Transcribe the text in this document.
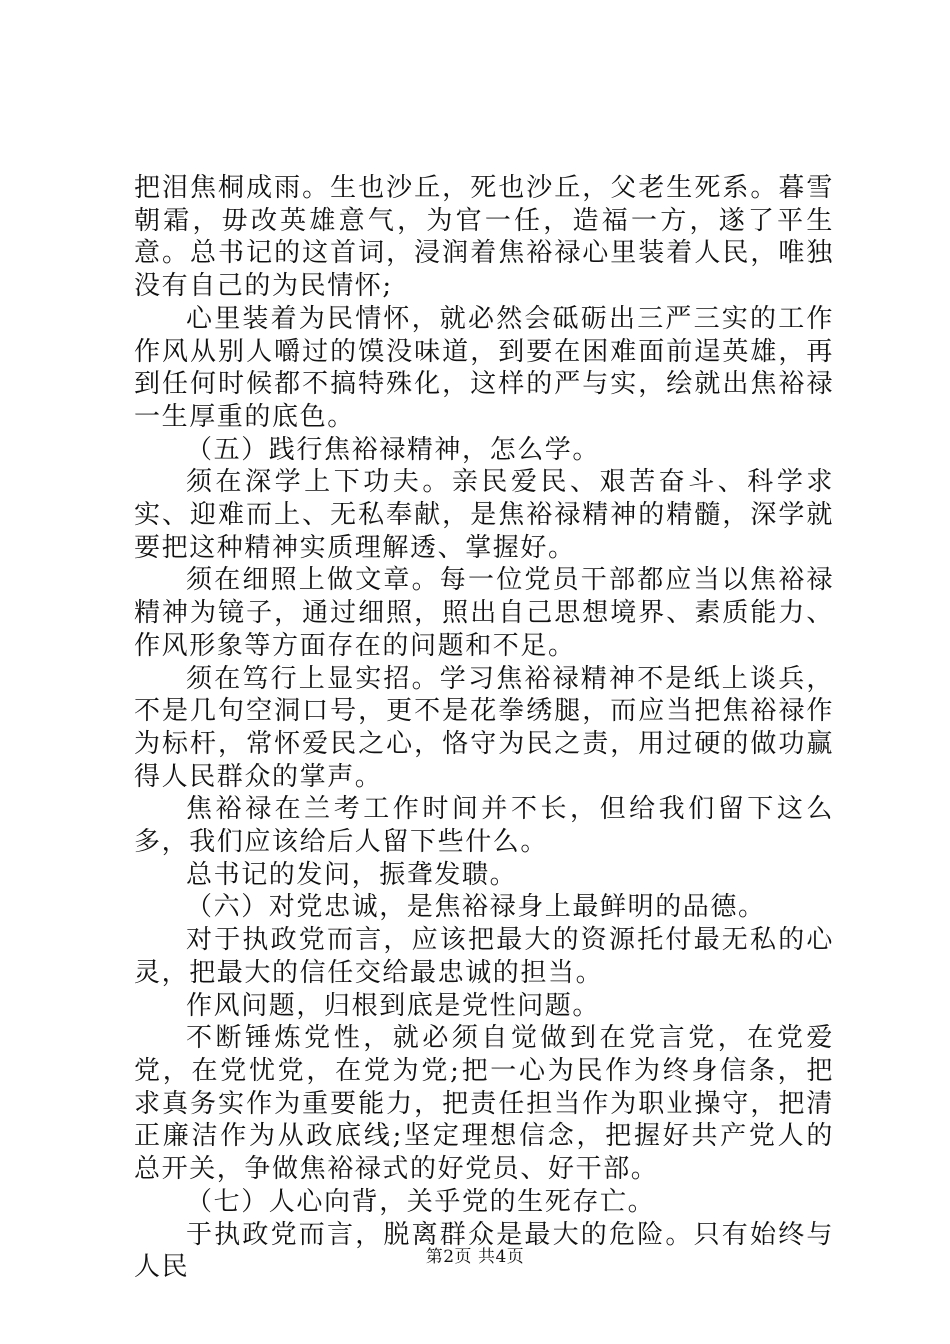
把泪焦桐成雨。生也沙丘，死也沙丘，父老生死系。暮雪朝霜，毋改英雄意气，为官一任，造福一方，遂了平生意。总书记的这首词，浸润着焦裕禄心里装着人民，唯独没有自己的为民情怀;

心里装着为民情怀，就必然会砥砺出三严三实的工作作风从别人嚼过的馍没味道，到要在困难面前逞英雄，再到任何时候都不搞特殊化，这样的严与实，绘就出焦裕禄一生厚重的底色。

（五）践行焦裕禄精神，怎么学。

须在深学上下功夫。亲民爱民、艰苦奋斗、科学求实、迎难而上、无私奉献，是焦裕禄精神的精髓，深学就要把这种精神实质理解透、掌握好。

须在细照上做文章。每一位党员干部都应当以焦裕禄精神为镜子，通过细照，照出自己思想境界、素质能力、作风形象等方面存在的问题和不足。

须在笃行上显实招。学习焦裕禄精神不是纸上谈兵，不是几句空洞口号，更不是花拳绣腿，而应当把焦裕禄作为标杆，常怀爱民之心，恪守为民之责，用过硬的做功赢得人民群众的掌声。

焦裕禄在兰考工作时间并不长，但给我们留下这么多，我们应该给后人留下些什么。

总书记的发问，振聋发聩。

（六）对党忠诚，是焦裕禄身上最鲜明的品德。

对于执政党而言，应该把最大的资源托付最无私的心灵，把最大的信任交给最忠诚的担当。

作风问题，归根到底是党性问题。

不断锤炼党性，就必须自觉做到在党言党，在党爱党，在党忧党，在党为党;把一心为民作为终身信条，把求真务实作为重要能力，把责任担当作为职业操守，把清正廉洁作为从政底线;坚定理想信念，把握好共产党人的总开关，争做焦裕禄式的好党员、好干部。

（七）人心向背，关乎党的生死存亡。

于执政党而言，脱离群众是最大的危险。只有始终与人民	第2页 共4页
